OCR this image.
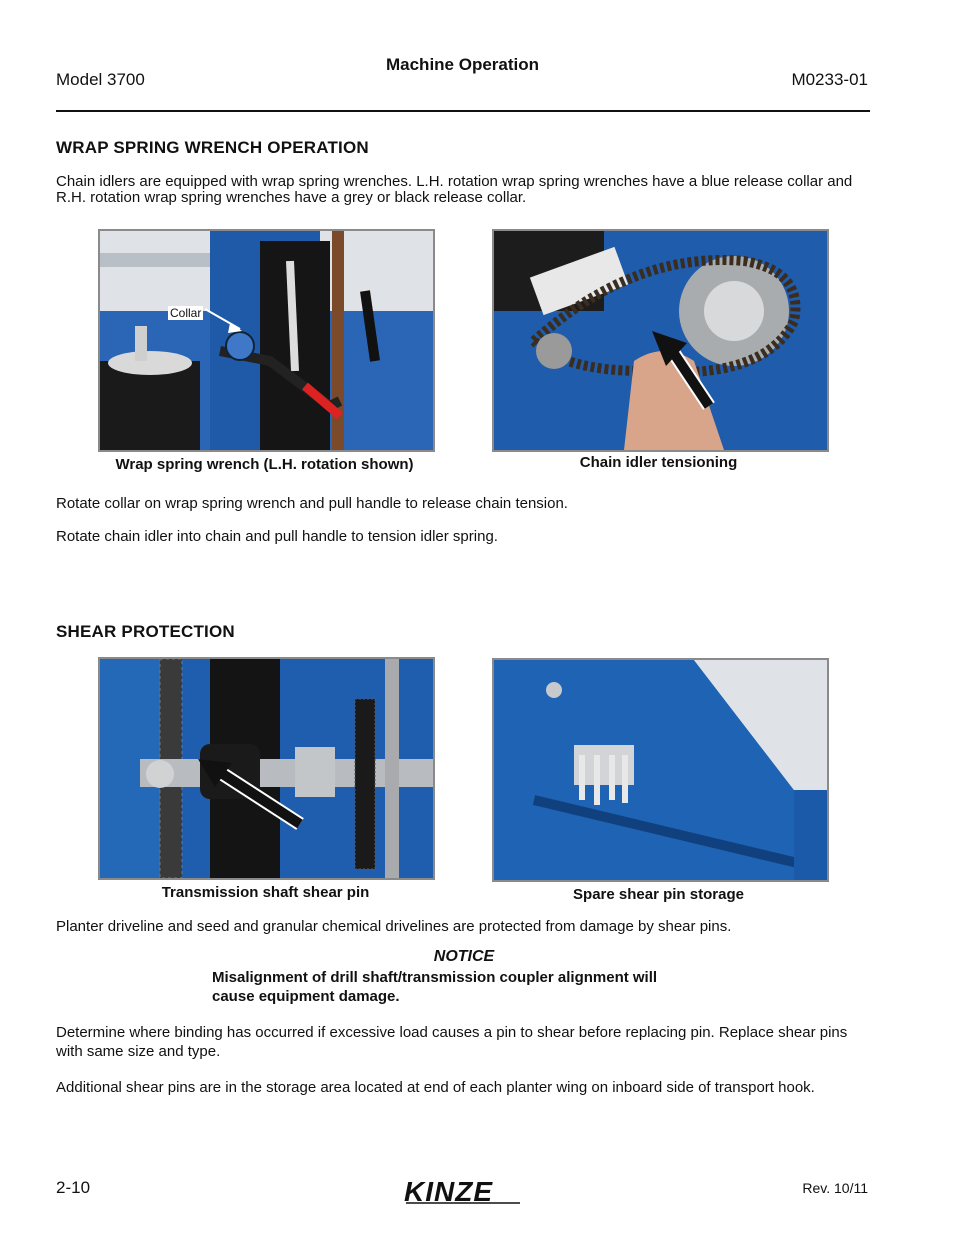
Model 3700
Machine Operation
M0233-01
WRAP SPRING WRENCH OPERATION
Chain idlers are equipped with wrap spring wrenches. L.H. rotation wrap spring wrenches have a blue release collar and R.H. rotation wrap spring wrenches have a grey or black release collar.
Collar
Wrap spring wrench (L.H. rotation shown)	Chain idler tensioning
Rotate collar on wrap spring wrench and pull handle to release chain tension.
Rotate chain idler into chain and pull handle to tension idler spring.
SHEAR PROTECTION
Transmission shaft shear pin	Spare shear pin storage
Planter driveline and seed and granular chemical drivelines are protected from damage by shear pins.
NOTICE
Misalignment of drill shaft/transmission coupler alignment will cause equipment damage.
Determine where binding has occurred if excessive load causes a pin to shear before replacing pin. Replace shear pins with same size and type.
Additional shear pins are in the storage area located at end of each planter wing on inboard side of transport hook.
2-10	KINZE	Rev. 10/11
